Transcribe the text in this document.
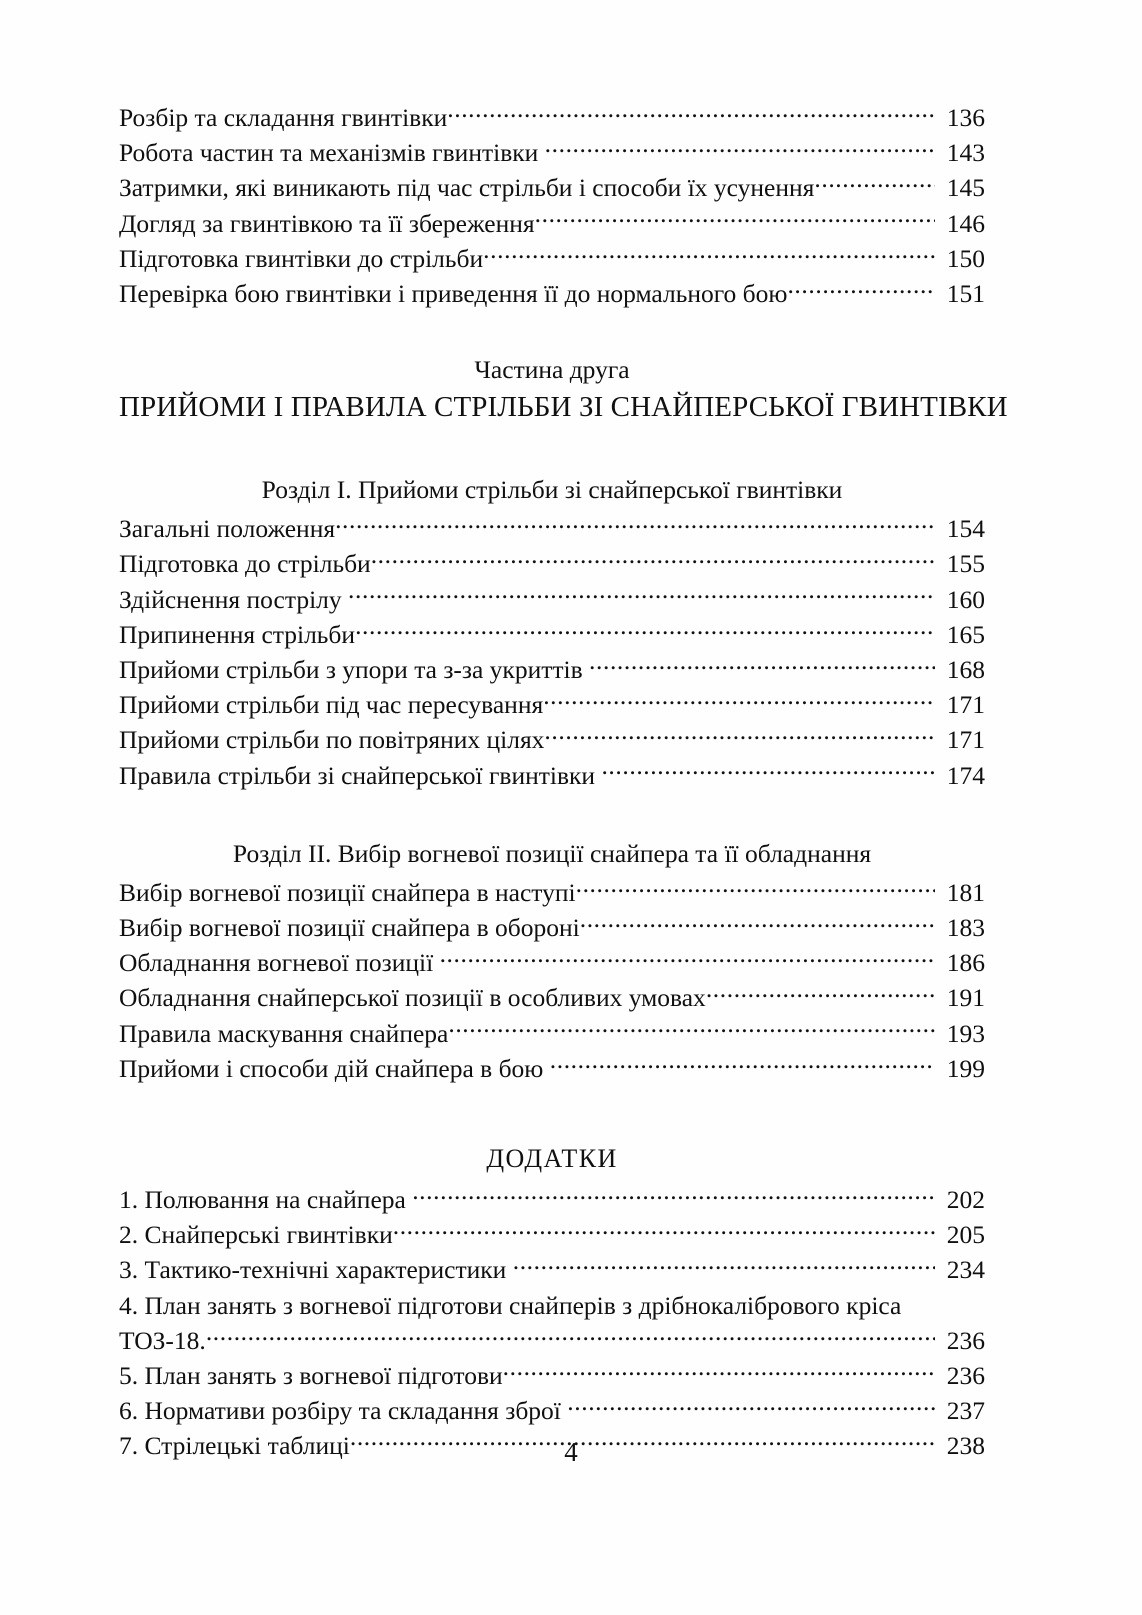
Розбір та складання гвинтівки .....	136
Робота частин та механізмів гвинтівки .....	143
Затримки, які виникають під час стрільби і способи їх усунення .....	145
Догляд за гвинтівкою та її збереження .....	146
Підготовка гвинтівки до стрільби .....	150
Перевірка бою гвинтівки і приведення її до нормального бою .....	151
Частина друга
ПРИЙОМИ І ПРАВИЛА СТРІЛЬБИ ЗІ СНАЙПЕРСЬКОЇ ГВИНТІВКИ
Розділ I. Прийоми стрільби зі снайперської гвинтівки
Загальні положення .....	154
Підготовка до стрільби .....	155
Здійснення пострілу .....	160
Припинення стрільби .....	165
Прийоми стрільби з упори та з-за укриттів .....	168
Прийоми стрільби під час пересування .....	171
Прийоми стрільби по повітряних цілях .....	171
Правила стрільби зі снайперської гвинтівки .....	174
Розділ II. Вибір вогневої позиції снайпера та її обладнання
Вибір вогневої позиції снайпера в наступі .....	181
Вибір вогневої позиції снайпера в обороні .....	183
Обладнання вогневої позиції .....	186
Обладнання снайперської позиції в особливих умовах .....	191
Правила маскування снайпера .....	193
Прийоми і способи дій снайпера в бою .....	199
ДОДАТКИ
1. Полювання на снайпера .....	202
2. Снайперські гвинтівки .....	205
3. Тактико-технічні характеристики .....	234
4. План занять з вогневої підготови снайперів з дрібнокалібрового кріса
ТОЗ-18. .....	236
5. План занять з вогневої підготови .....	236
6. Нормативи розбіру та складання зброї .....	237
7. Стрілецькі таблиці .....	238
4
